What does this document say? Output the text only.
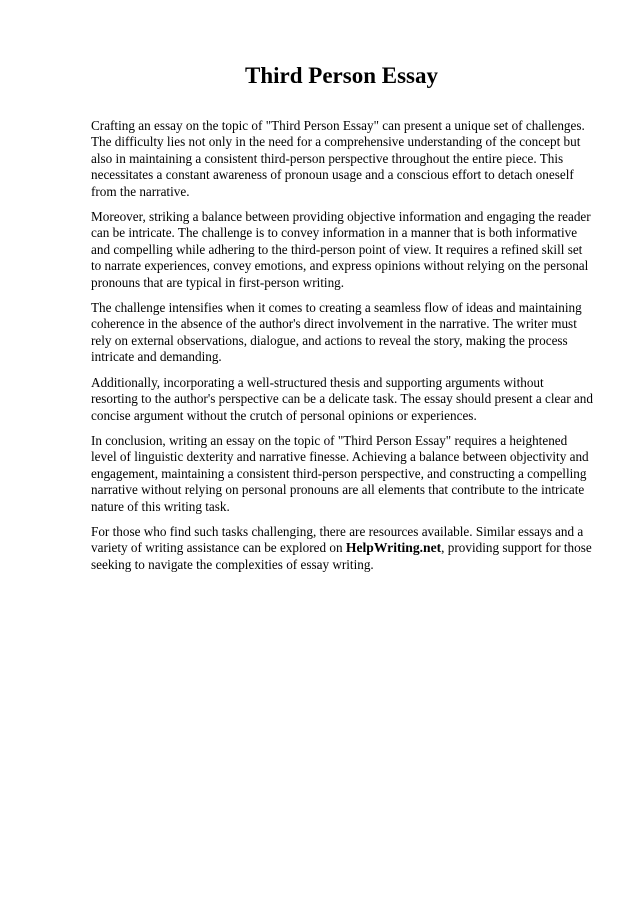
Third Person Essay

Crafting an essay on the topic of "Third Person Essay" can present a unique set of challenges. The difficulty lies not only in the need for a comprehensive understanding of the concept but also in maintaining a consistent third-person perspective throughout the entire piece. This necessitates a constant awareness of pronoun usage and a conscious effort to detach oneself from the narrative.

Moreover, striking a balance between providing objective information and engaging the reader can be intricate. The challenge is to convey information in a manner that is both informative and compelling while adhering to the third-person point of view. It requires a refined skill set to narrate experiences, convey emotions, and express opinions without relying on the personal pronouns that are typical in first-person writing.

The challenge intensifies when it comes to creating a seamless flow of ideas and maintaining coherence in the absence of the author's direct involvement in the narrative. The writer must rely on external observations, dialogue, and actions to reveal the story, making the process intricate and demanding.

Additionally, incorporating a well-structured thesis and supporting arguments without resorting to the author's perspective can be a delicate task. The essay should present a clear and concise argument without the crutch of personal opinions or experiences.

In conclusion, writing an essay on the topic of "Third Person Essay" requires a heightened level of linguistic dexterity and narrative finesse. Achieving a balance between objectivity and engagement, maintaining a consistent third-person perspective, and constructing a compelling narrative without relying on personal pronouns are all elements that contribute to the intricate nature of this writing task.

For those who find such tasks challenging, there are resources available. Similar essays and a variety of writing assistance can be explored on HelpWriting.net, providing support for those seeking to navigate the complexities of essay writing.
